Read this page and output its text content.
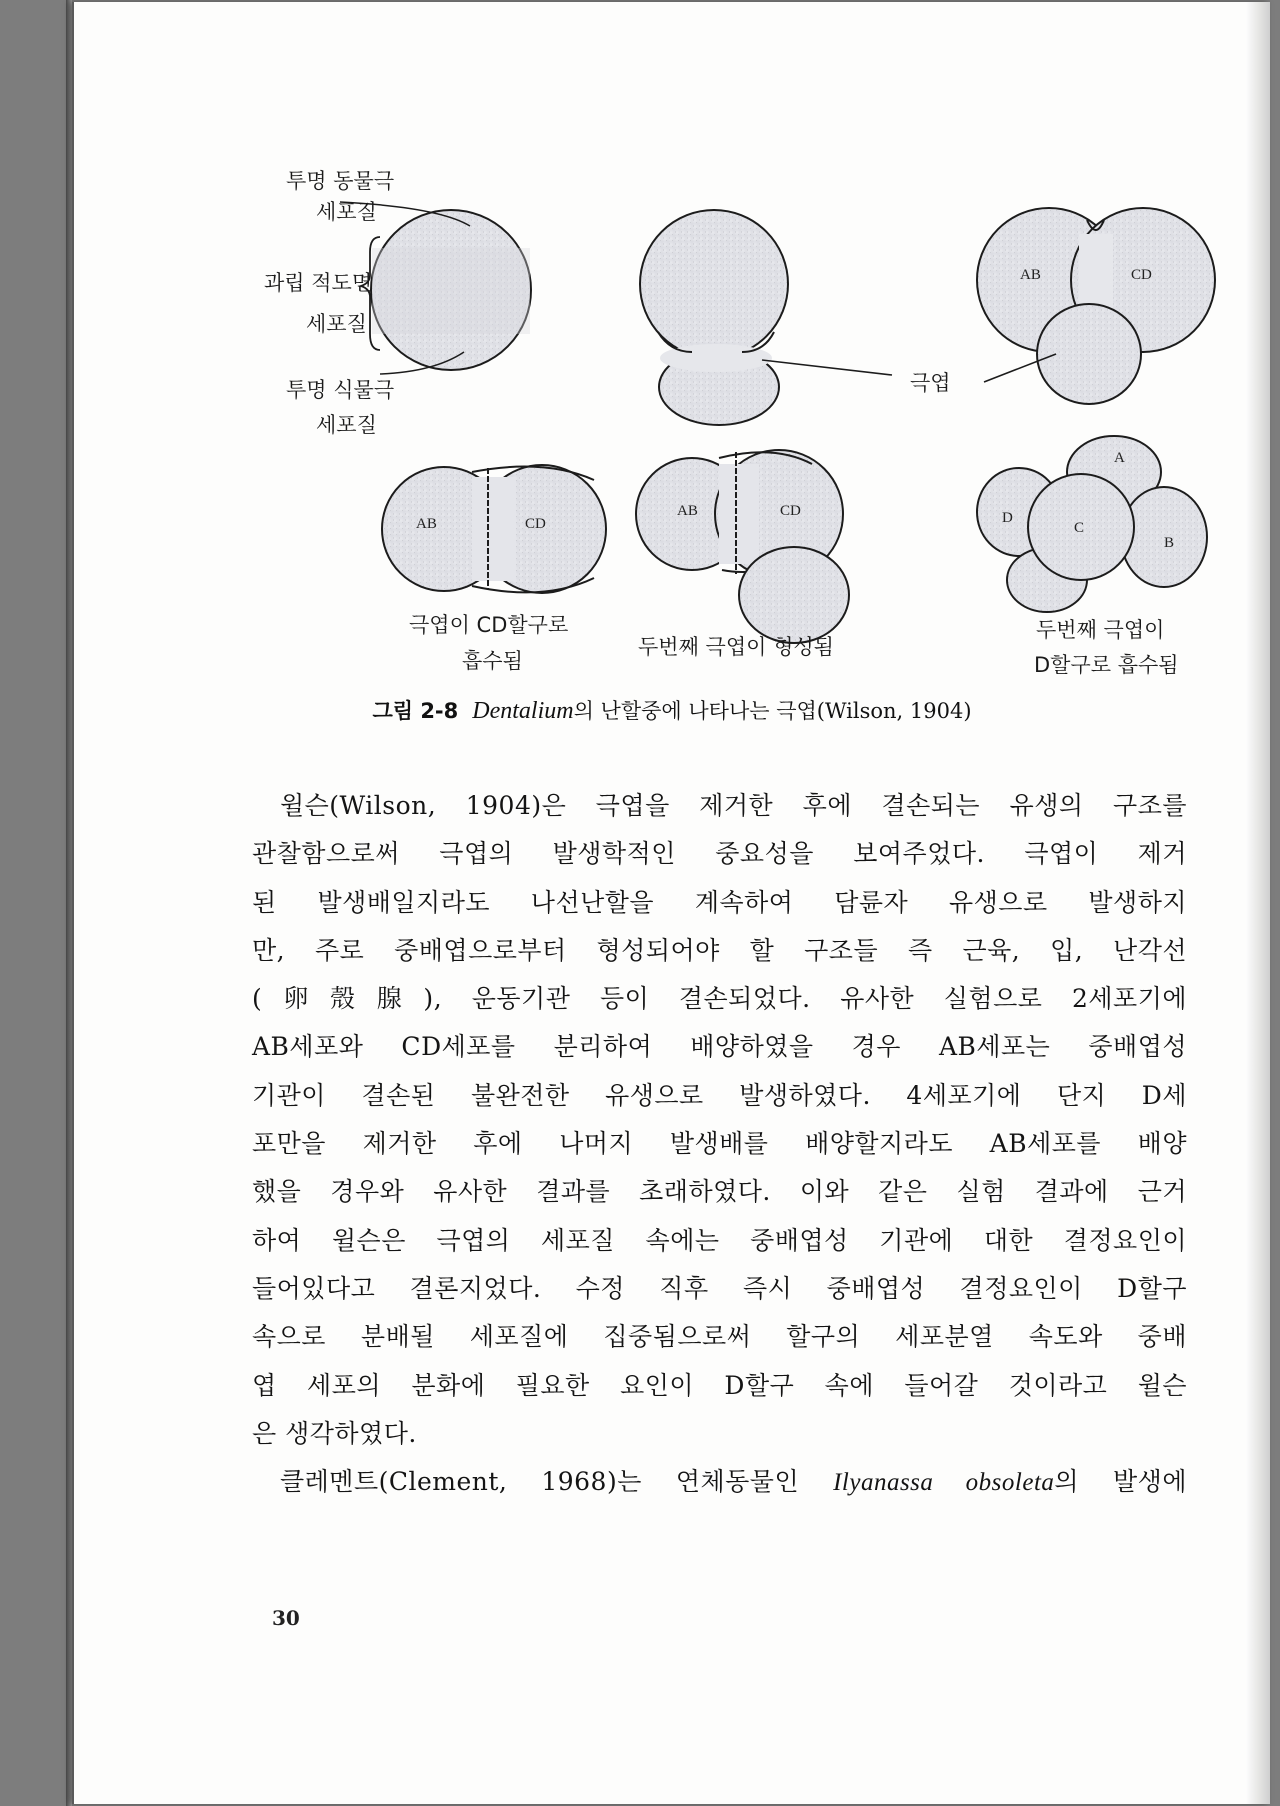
투명 동물극
세포질
과립 적도면
세포질
투명 식물극
세포질
AB	CD
극엽
AB	CD
AB	CD
A
B
C
D
극엽이 CD할구로
흡수됨
두번째 극엽이 형성됨
두번째 극엽이
D할구로 흡수됨
그림 2-8 Dentalium의 난할중에 나타나는 극엽(Wilson, 1904)
윌슨(Wilson, 1904)은 극엽을 제거한 후에 결손되는 유생의 구조를
관찰함으로써 극엽의 발생학적인 중요성을 보여주었다. 극엽이 제거
된 발생배일지라도 나선난할을 계속하여 담륜자 유생으로 발생하지
만, 주로 중배엽으로부터 형성되어야 할 구조들 즉 근육, 입, 난각선
(卵殼腺), 운동기관 등이 결손되었다. 유사한 실험으로 2세포기에
AB세포와 CD세포를 분리하여 배양하였을 경우 AB세포는 중배엽성
기관이 결손된 불완전한 유생으로 발생하였다. 4세포기에 단지 D세
포만을 제거한 후에 나머지 발생배를 배양할지라도 AB세포를 배양
했을 경우와 유사한 결과를 초래하였다. 이와 같은 실험 결과에 근거
하여 윌슨은 극엽의 세포질 속에는 중배엽성 기관에 대한 결정요인이
들어있다고 결론지었다. 수정 직후 즉시 중배엽성 결정요인이 D할구
속으로 분배될 세포질에 집중됨으로써 할구의 세포분열 속도와 중배
엽 세포의 분화에 필요한 요인이 D할구 속에 들어갈 것이라고 윌슨
은 생각하였다.
클레멘트(Clement, 1968)는 연체동물인 Ilyanassa obsoleta의 발생에
30
